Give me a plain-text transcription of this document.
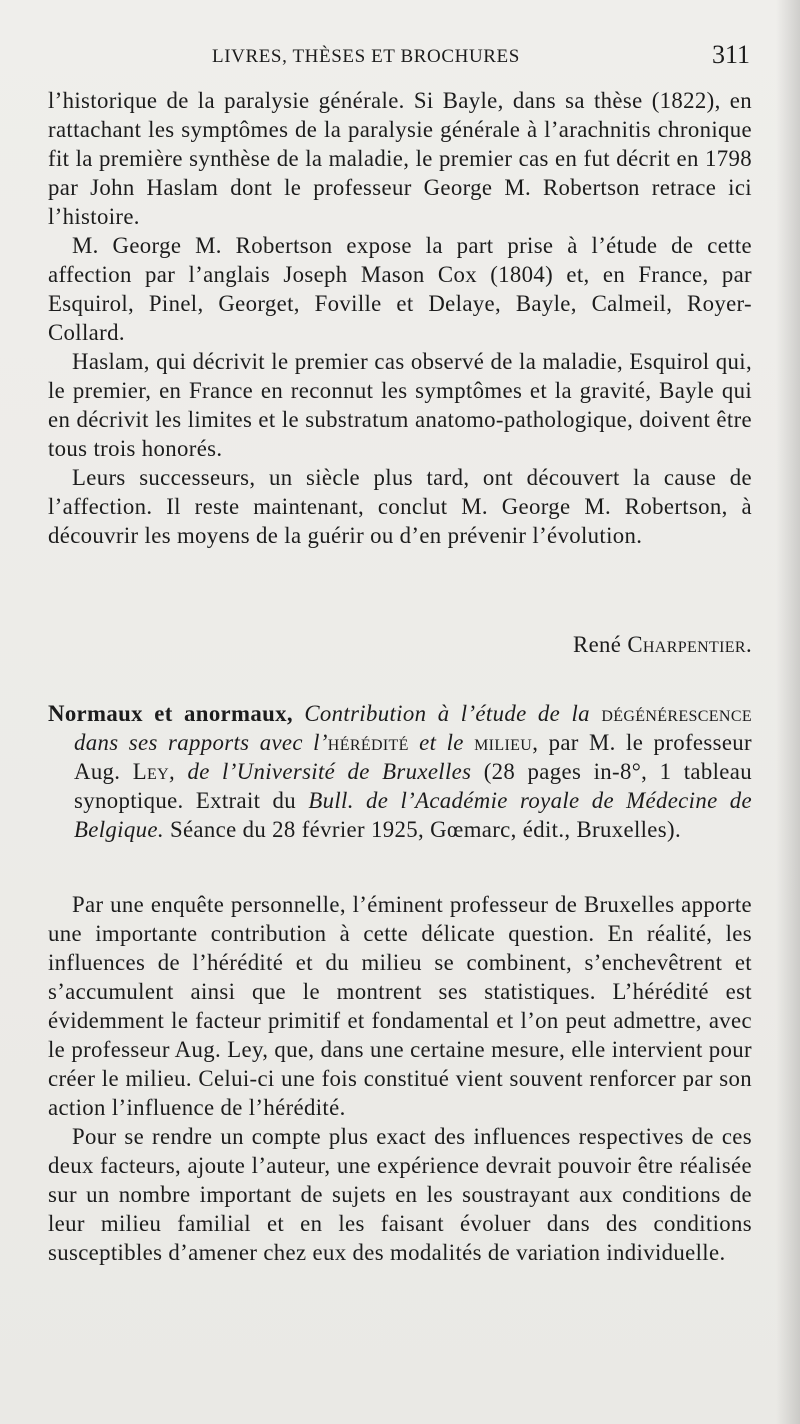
LIVRES, THÈSES ET BROCHURES	311

l’historique de la paralysie générale. Si Bayle, dans sa thèse (1822), en rattachant les symptômes de la paralysie générale à l’arachnitis chronique fit la première synthèse de la maladie, le premier cas en fut décrit en 1798 par John Haslam dont le professeur George M. Robertson retrace ici l’histoire.

M. George M. Robertson expose la part prise à l’étude de cette affection par l’anglais Joseph Mason Cox (1804) et, en France, par Esquirol, Pinel, Georget, Foville et Delaye, Bayle, Calmeil, Royer-Collard.

Haslam, qui décrivit le premier cas observé de la maladie, Esquirol qui, le premier, en France en reconnut les symptômes et la gravité, Bayle qui en décrivit les limites et le substratum anatomo-pathologique, doivent être tous trois honorés.

Leurs successeurs, un siècle plus tard, ont découvert la cause de l’affection. Il reste maintenant, conclut M. George M. Robertson, à découvrir les moyens de la guérir ou d’en prévenir l’évolution.

René Charpentier.
Normaux et anormaux, Contribution à l’étude de la dégénérescence dans ses rapports avec l’hérédité et le milieu, par M. le professeur Aug. Ley, de l’Université de Bruxelles (28 pages in-8°, 1 tableau synoptique. Extrait du Bull. de l’Académie royale de Médecine de Belgique. Séance du 28 février 1925, Gœmarc, édit., Bruxelles).

Par une enquête personnelle, l’éminent professeur de Bruxelles apporte une importante contribution à cette délicate question. En réalité, les influences de l’hérédité et du milieu se combinent, s’enchevêtrent et s’accumulent ainsi que le montrent ses statistiques. L’hérédité est évidemment le facteur primitif et fondamental et l’on peut admettre, avec le professeur Aug. Ley, que, dans une certaine mesure, elle intervient pour créer le milieu. Celui-ci une fois constitué vient souvent renforcer par son action l’influence de l’hérédité.

Pour se rendre un compte plus exact des influences respectives de ces deux facteurs, ajoute l’auteur, une expérience devrait pouvoir être réalisée sur un nombre important de sujets en les soustrayant aux conditions de leur milieu familial et en les faisant évoluer dans des conditions susceptibles d’amener chez eux des modalités de variation individuelle.
